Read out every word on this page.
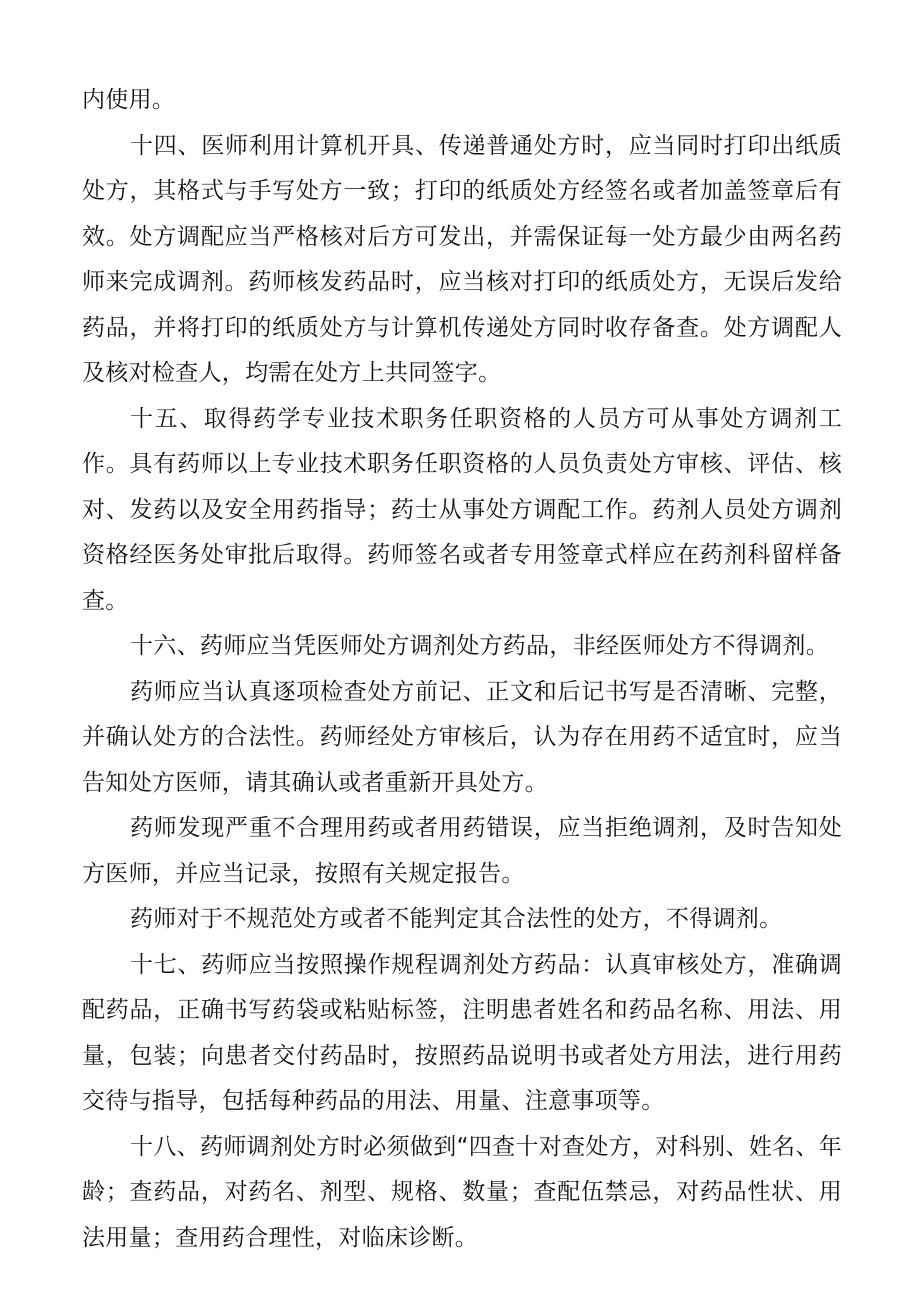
内使用。

十四、医师利用计算机开具、传递普通处方时，应当同时打印出纸质处方，其格式与手写处方一致；打印的纸质处方经签名或者加盖签章后有效。处方调配应当严格核对后方可发出，并需保证每一处方最少由两名药师来完成调剂。药师核发药品时，应当核对打印的纸质处方，无误后发给药品，并将打印的纸质处方与计算机传递处方同时收存备查。处方调配人及核对检查人，均需在处方上共同签字。

十五、取得药学专业技术职务任职资格的人员方可从事处方调剂工作。具有药师以上专业技术职务任职资格的人员负责处方审核、评估、核对、发药以及安全用药指导；药士从事处方调配工作。药剂人员处方调剂资格经医务处审批后取得。药师签名或者专用签章式样应在药剂科留样备查。

十六、药师应当凭医师处方调剂处方药品，非经医师处方不得调剂。

药师应当认真逐项检查处方前记、正文和后记书写是否清晰、完整，并确认处方的合法性。药师经处方审核后，认为存在用药不适宜时，应当告知处方医师，请其确认或者重新开具处方。

药师发现严重不合理用药或者用药错误，应当拒绝调剂，及时告知处方医师，并应当记录，按照有关规定报告。

药师对于不规范处方或者不能判定其合法性的处方，不得调剂。

十七、药师应当按照操作规程调剂处方药品：认真审核处方，准确调配药品，正确书写药袋或粘贴标签，注明患者姓名和药品名称、用法、用量，包装；向患者交付药品时，按照药品说明书或者处方用法，进行用药交待与指导，包括每种药品的用法、用量、注意事项等。

十八、药师调剂处方时必须做到“四查十对查处方，对科别、姓名、年龄；查药品，对药名、剂型、规格、数量；查配伍禁忌，对药品性状、用法用量；查用药合理性，对临床诊断。
